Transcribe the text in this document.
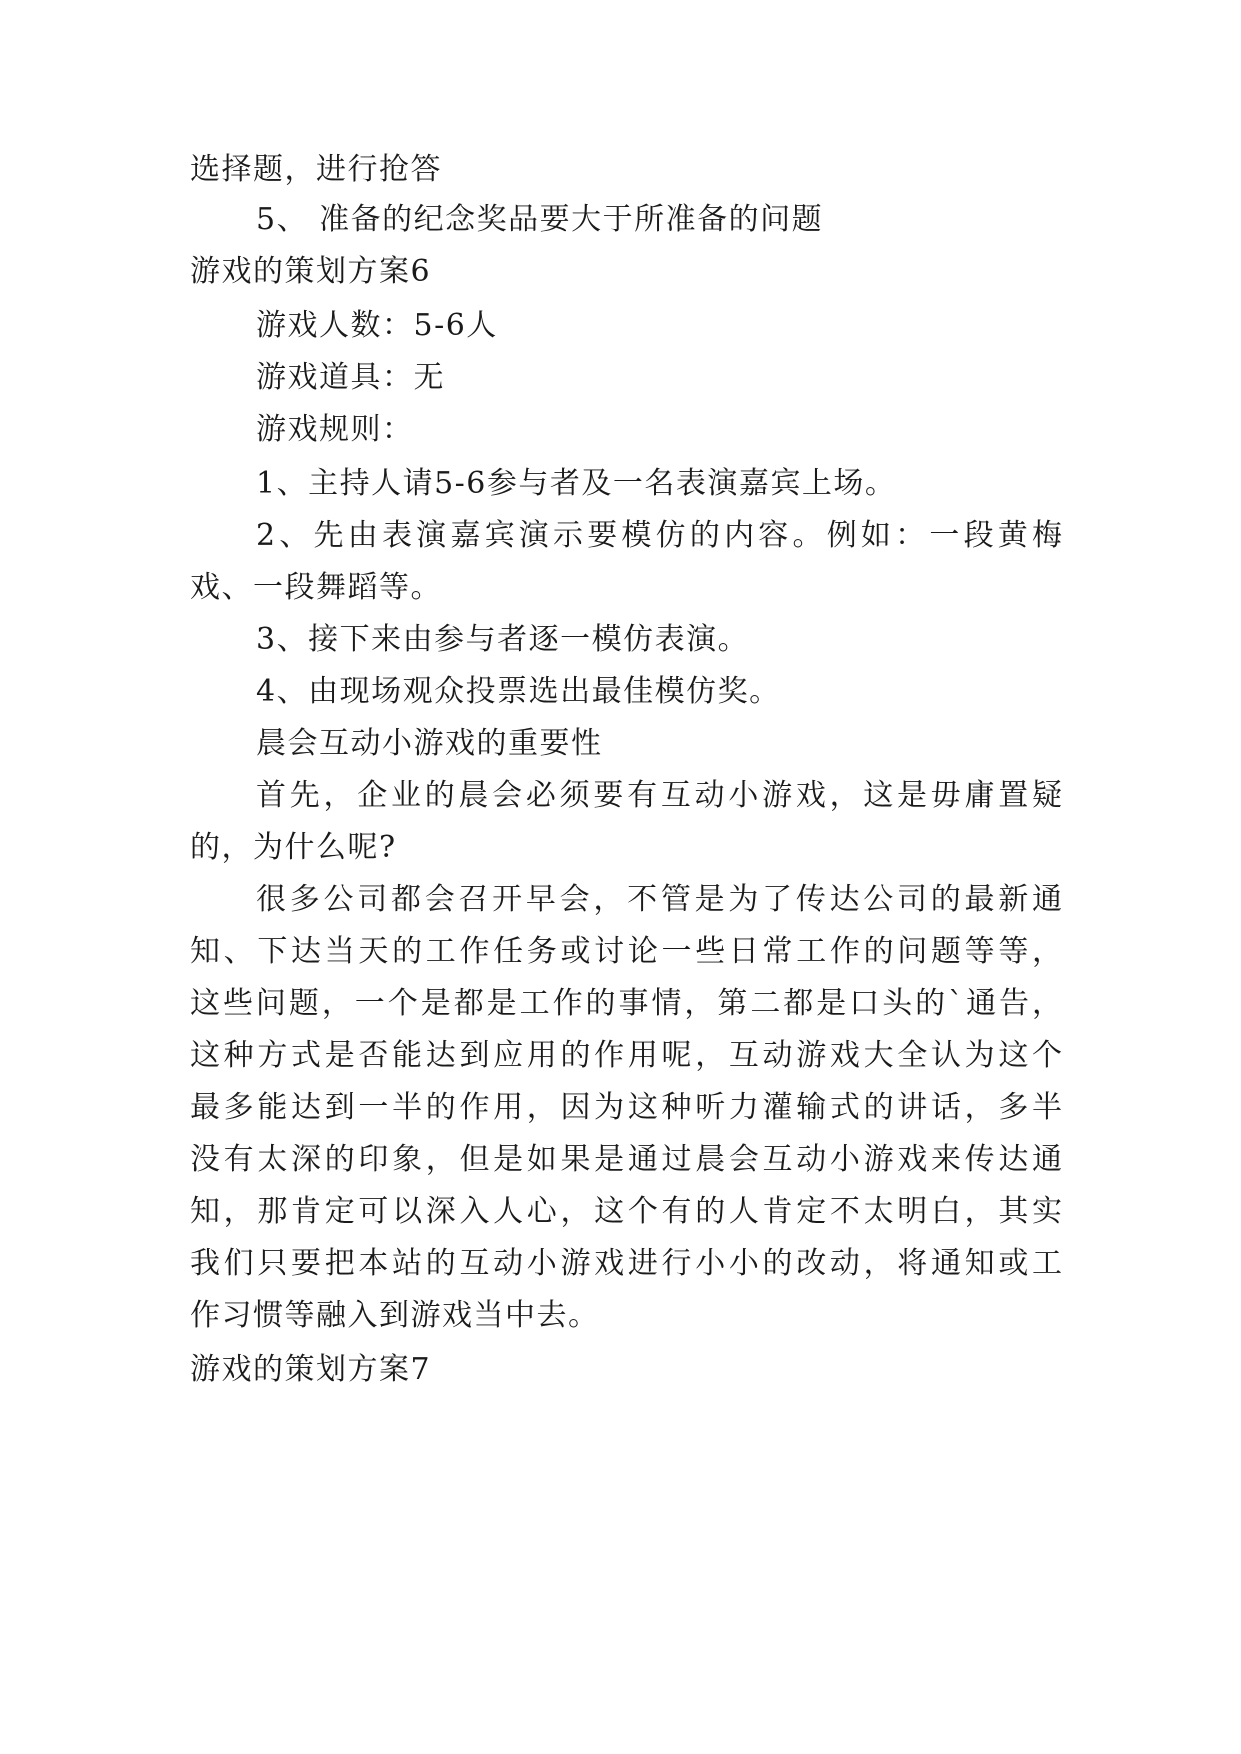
选择题，进行抢答
5、 准备的纪念奖品要大于所准备的问题
游戏的策划方案6
游戏人数：5-6人
游戏道具：无
游戏规则：
1、主持人请5-6参与者及一名表演嘉宾上场。
2、先由表演嘉宾演示要模仿的内容。例如：一段黄梅
戏、一段舞蹈等。
3、接下来由参与者逐一模仿表演。
4、由现场观众投票选出最佳模仿奖。
晨会互动小游戏的重要性
首先，企业的晨会必须要有互动小游戏，这是毋庸置疑
的，为什么呢?
很多公司都会召开早会，不管是为了传达公司的最新通
知、下达当天的工作任务或讨论一些日常工作的问题等等，
这些问题，一个是都是工作的事情，第二都是口头的`通告，
这种方式是否能达到应用的作用呢，互动游戏大全认为这个
最多能达到一半的作用，因为这种听力灌输式的讲话，多半
没有太深的印象，但是如果是通过晨会互动小游戏来传达通
知，那肯定可以深入人心，这个有的人肯定不太明白，其实
我们只要把本站的互动小游戏进行小小的改动，将通知或工
作习惯等融入到游戏当中去。
游戏的策划方案7
